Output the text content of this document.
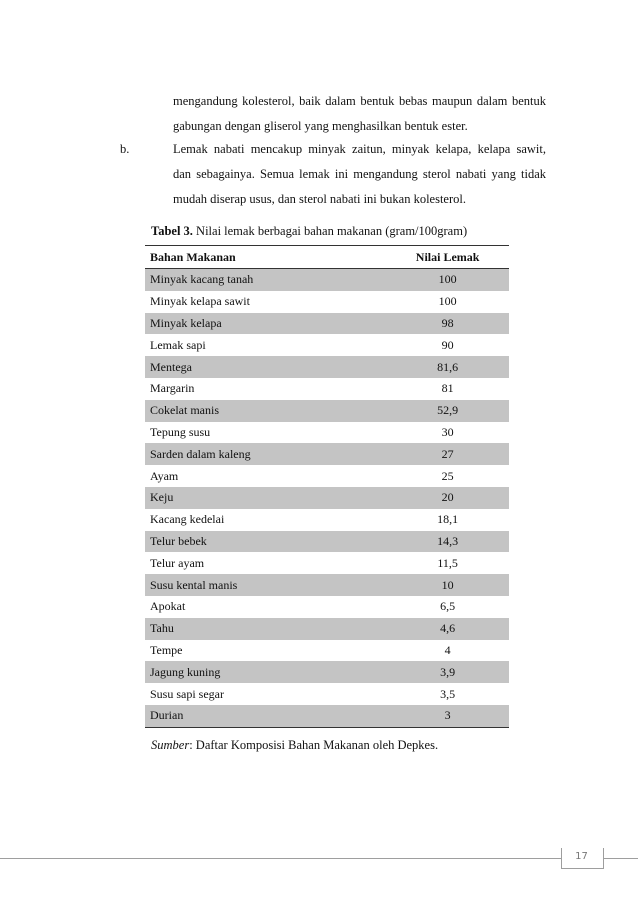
mengandung kolesterol, baik dalam bentuk bebas maupun dalam bentuk
gabungan dengan gliserol yang menghasilkan bentuk ester.
b.	Lemak nabati mencakup minyak zaitun, minyak kelapa, kelapa sawit,
dan sebagainya. Semua lemak ini mengandung sterol nabati yang tidak
mudah diserap usus, dan sterol nabati ini bukan kolesterol.
Tabel 3. Nilai lemak berbagai bahan makanan (gram/100gram)
Bahan Makanan	Nilai Lemak
Minyak kacang tanah	100
Minyak kelapa sawit	100
Minyak kelapa	98
Lemak sapi	90
Mentega	81,6
Margarin	81
Cokelat manis	52,9
Tepung susu	30
Sarden dalam kaleng	27
Ayam	25
Keju	20
Kacang kedelai	18,1
Telur bebek	14,3
Telur ayam	11,5
Susu kental manis	10
Apokat	6,5
Tahu	4,6
Tempe	4
Jagung kuning	3,9
Susu sapi segar	3,5
Durian	3
Sumber: Daftar Komposisi Bahan Makanan oleh Depkes.
17
